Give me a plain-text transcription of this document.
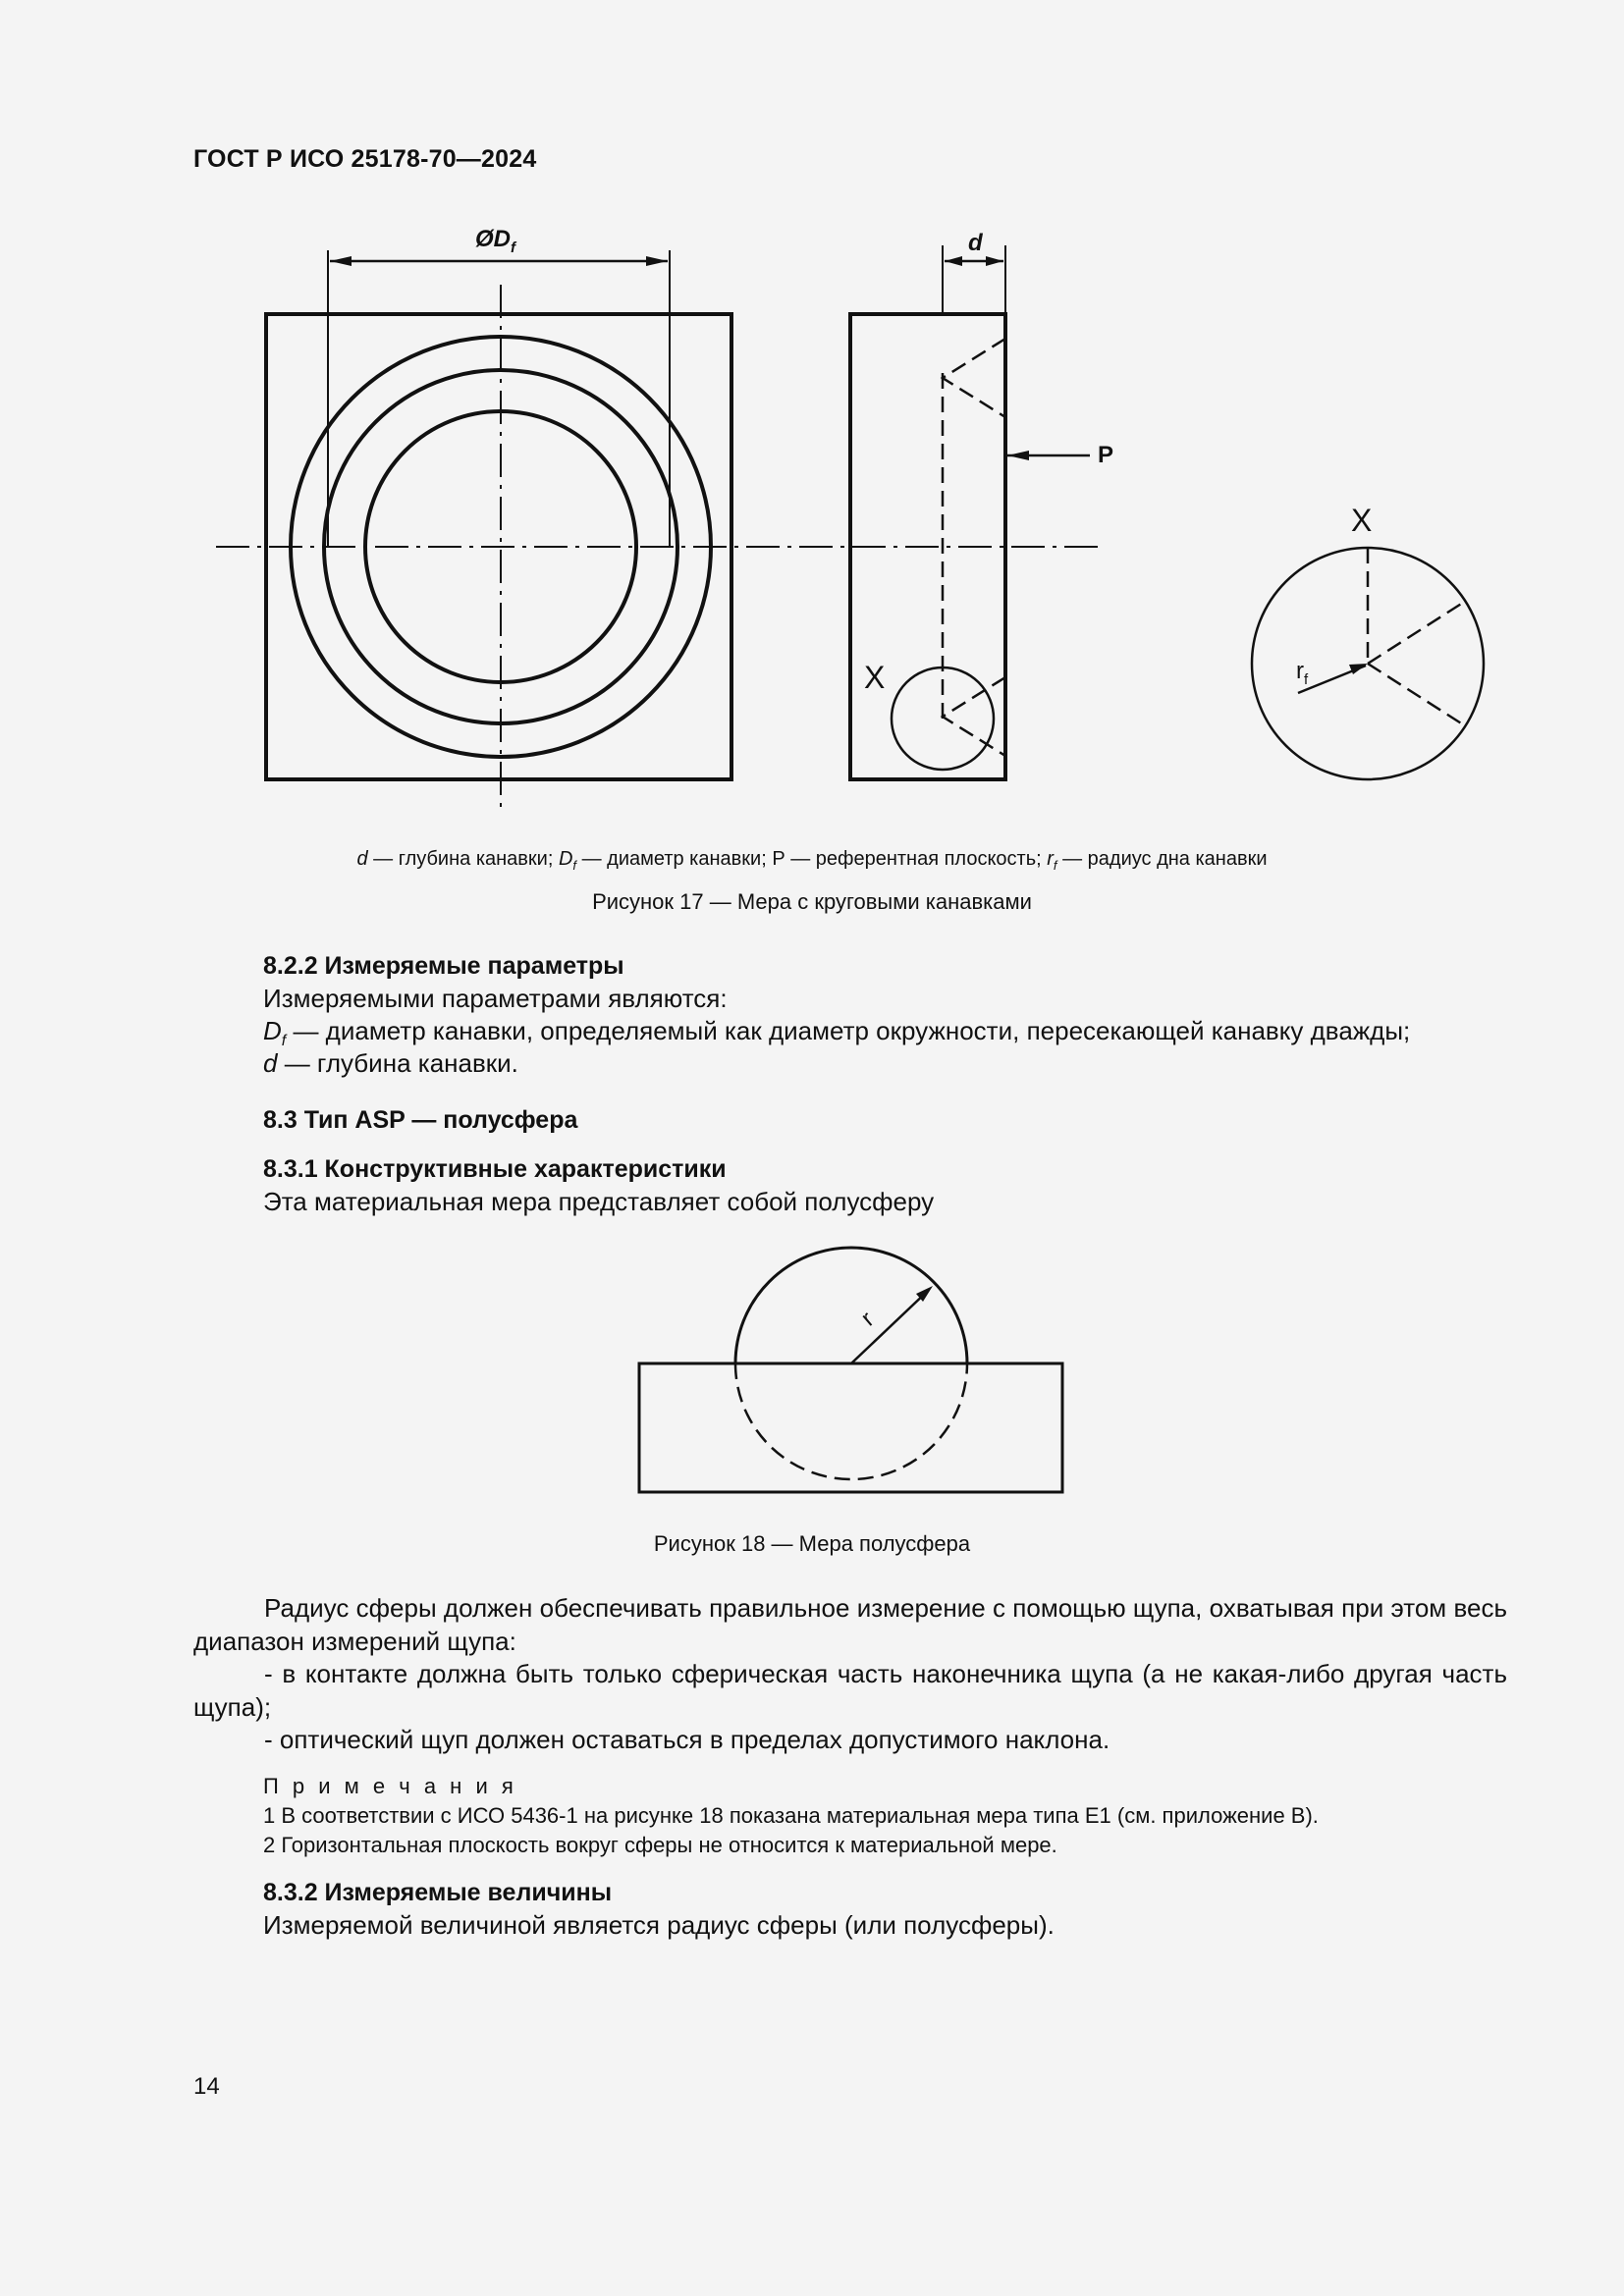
ГОСТ Р ИСО 25178-70—2024
$ØD_f$	d
P
X
X
$r_f$
d — глубина канавки; $D_f$ — диаметр канавки; Р — референтная плоскость; $r_f$ — радиус дна канавки
Рисунок 17 — Мера с круговыми канавками
8.2.2 Измеряемые параметры
Измеряемыми параметрами являются:
$D_f$ — диаметр канавки, определяемый как диаметр окружности, пересекающей канавку дважды;
d — глубина канавки.
8.3 Тип ASP — полусфера
8.3.1 Конструктивные характеристики
Эта материальная мера представляет собой полусферу
r
Рисунок 18 — Мера полусфера
Радиус сферы должен обеспечивать правильное измерение с помощью щупа, охватывая при этом весь диапазон измерений щупа:
- в контакте должна быть только сферическая часть наконечника щупа (а не какая-либо другая часть щупа);
- оптический щуп должен оставаться в пределах допустимого наклона.
П р и м е ч а н и я
1 В соответствии с ИСО 5436-1 на рисунке 18 показана материальная мера типа Е1 (см. приложение В).
2 Горизонтальная плоскость вокруг сферы не относится к материальной мере.
8.3.2 Измеряемые величины
Измеряемой величиной является радиус сферы (или полусферы).
14
